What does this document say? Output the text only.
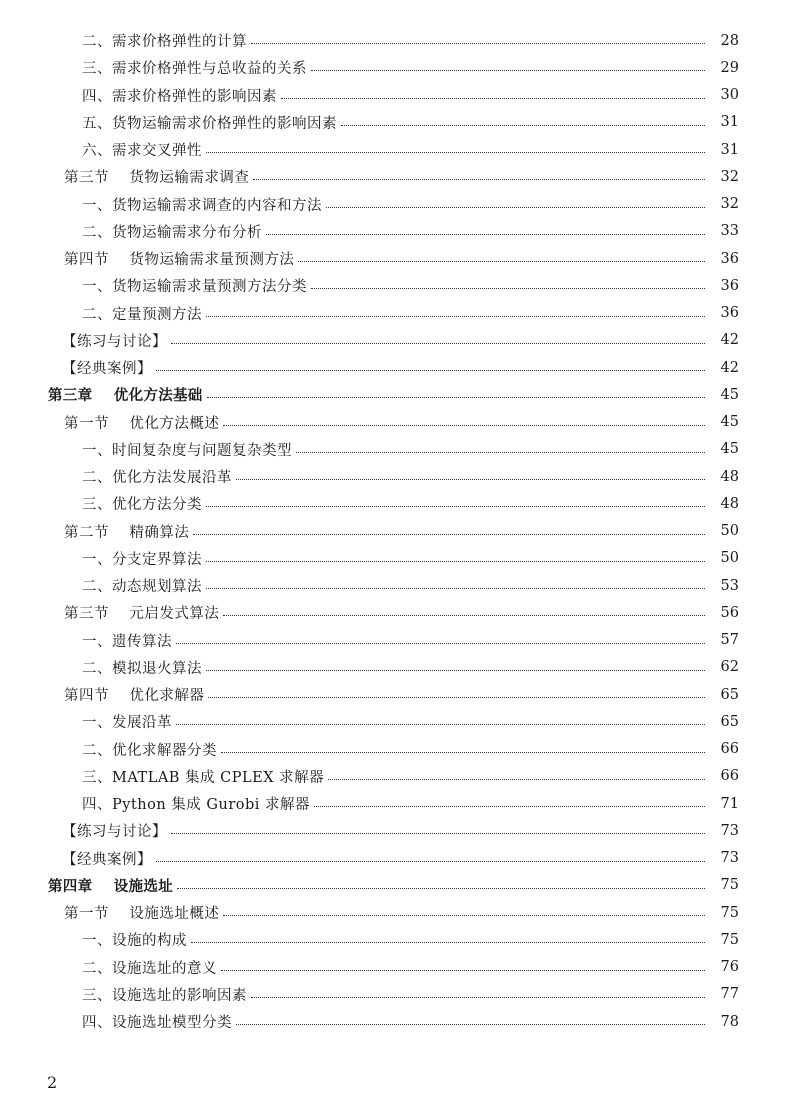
二、需求价格弹性的计算	28
三、需求价格弹性与总收益的关系	29
四、需求价格弹性的影响因素	30
五、货物运输需求价格弹性的影响因素	31
六、需求交叉弹性	31
第三节    货物运输需求调查	32
一、货物运输需求调查的内容和方法	32
二、货物运输需求分布分析	33
第四节    货物运输需求量预测方法	36
一、货物运输需求量预测方法分类	36
二、定量预测方法	36
【练习与讨论】	42
【经典案例】	42
第三章    优化方法基础	45
第一节    优化方法概述	45
一、时间复杂度与问题复杂类型	45
二、优化方法发展沿革	48
三、优化方法分类	48
第二节    精确算法	50
一、分支定界算法	50
二、动态规划算法	53
第三节    元启发式算法	56
一、遗传算法	57
二、模拟退火算法	62
第四节    优化求解器	65
一、发展沿革	65
二、优化求解器分类	66
三、MATLAB 集成 CPLEX 求解器	66
四、Python 集成 Gurobi 求解器	71
【练习与讨论】	73
【经典案例】	73
第四章    设施选址	75
第一节    设施选址概述	75
一、设施的构成	75
二、设施选址的意义	76
三、设施选址的影响因素	77
四、设施选址模型分类	78
2
